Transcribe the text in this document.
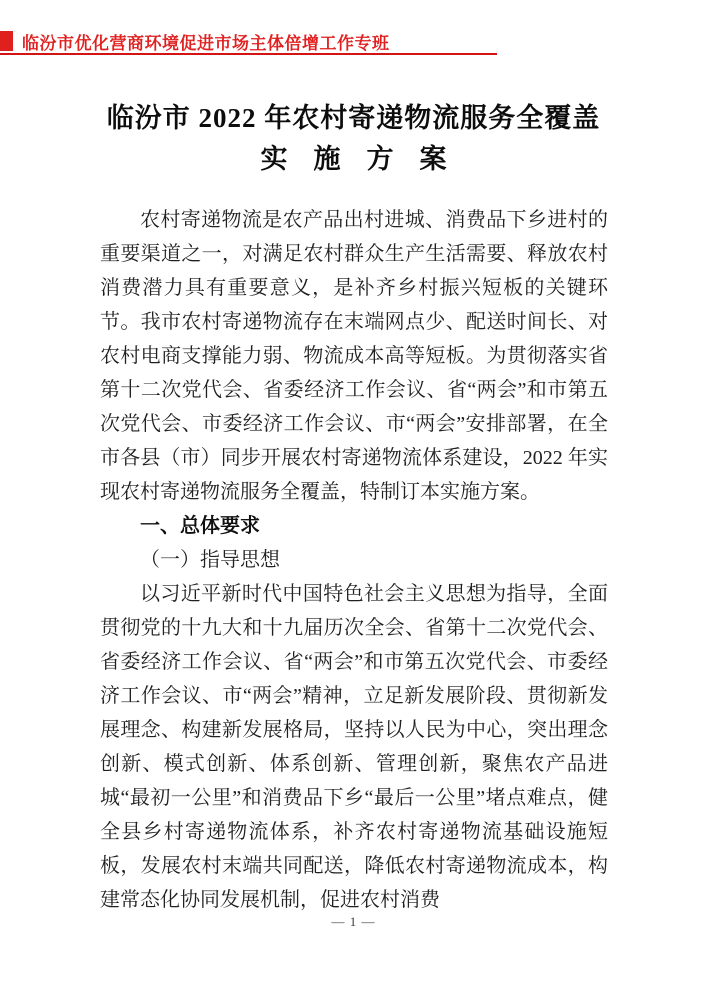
临汾市优化营商环境促进市场主体倍增工作专班
临汾市 2022 年农村寄递物流服务全覆盖
实施方案

农村寄递物流是农产品出村进城、消费品下乡进村的重要渠道之一，对满足农村群众生产生活需要、释放农村消费潜力具有重要意义，是补齐乡村振兴短板的关键环节。我市农村寄递物流存在末端网点少、配送时间长、对农村电商支撑能力弱、物流成本高等短板。为贯彻落实省第十二次党代会、省委经济工作会议、省“两会”和市第五次党代会、市委经济工作会议、市“两会”安排部署，在全市各县（市）同步开展农村寄递物流体系建设，2022 年实现农村寄递物流服务全覆盖，特制订本实施方案。

一、总体要求

（一）指导思想

以习近平新时代中国特色社会主义思想为指导，全面贯彻党的十九大和十九届历次全会、省第十二次党代会、省委经济工作会议、省“两会”和市第五次党代会、市委经济工作会议、市“两会”精神，立足新发展阶段、贯彻新发展理念、构建新发展格局，坚持以人民为中心，突出理念创新、模式创新、体系创新、管理创新，聚焦农产品进城“最初一公里”和消费品下乡“最后一公里”堵点难点，健全县乡村寄递物流体系，补齐农村寄递物流基础设施短板，发展农村末端共同配送，降低农村寄递物流成本，构建常态化协同发展机制，促进农村消费

— 1 —
